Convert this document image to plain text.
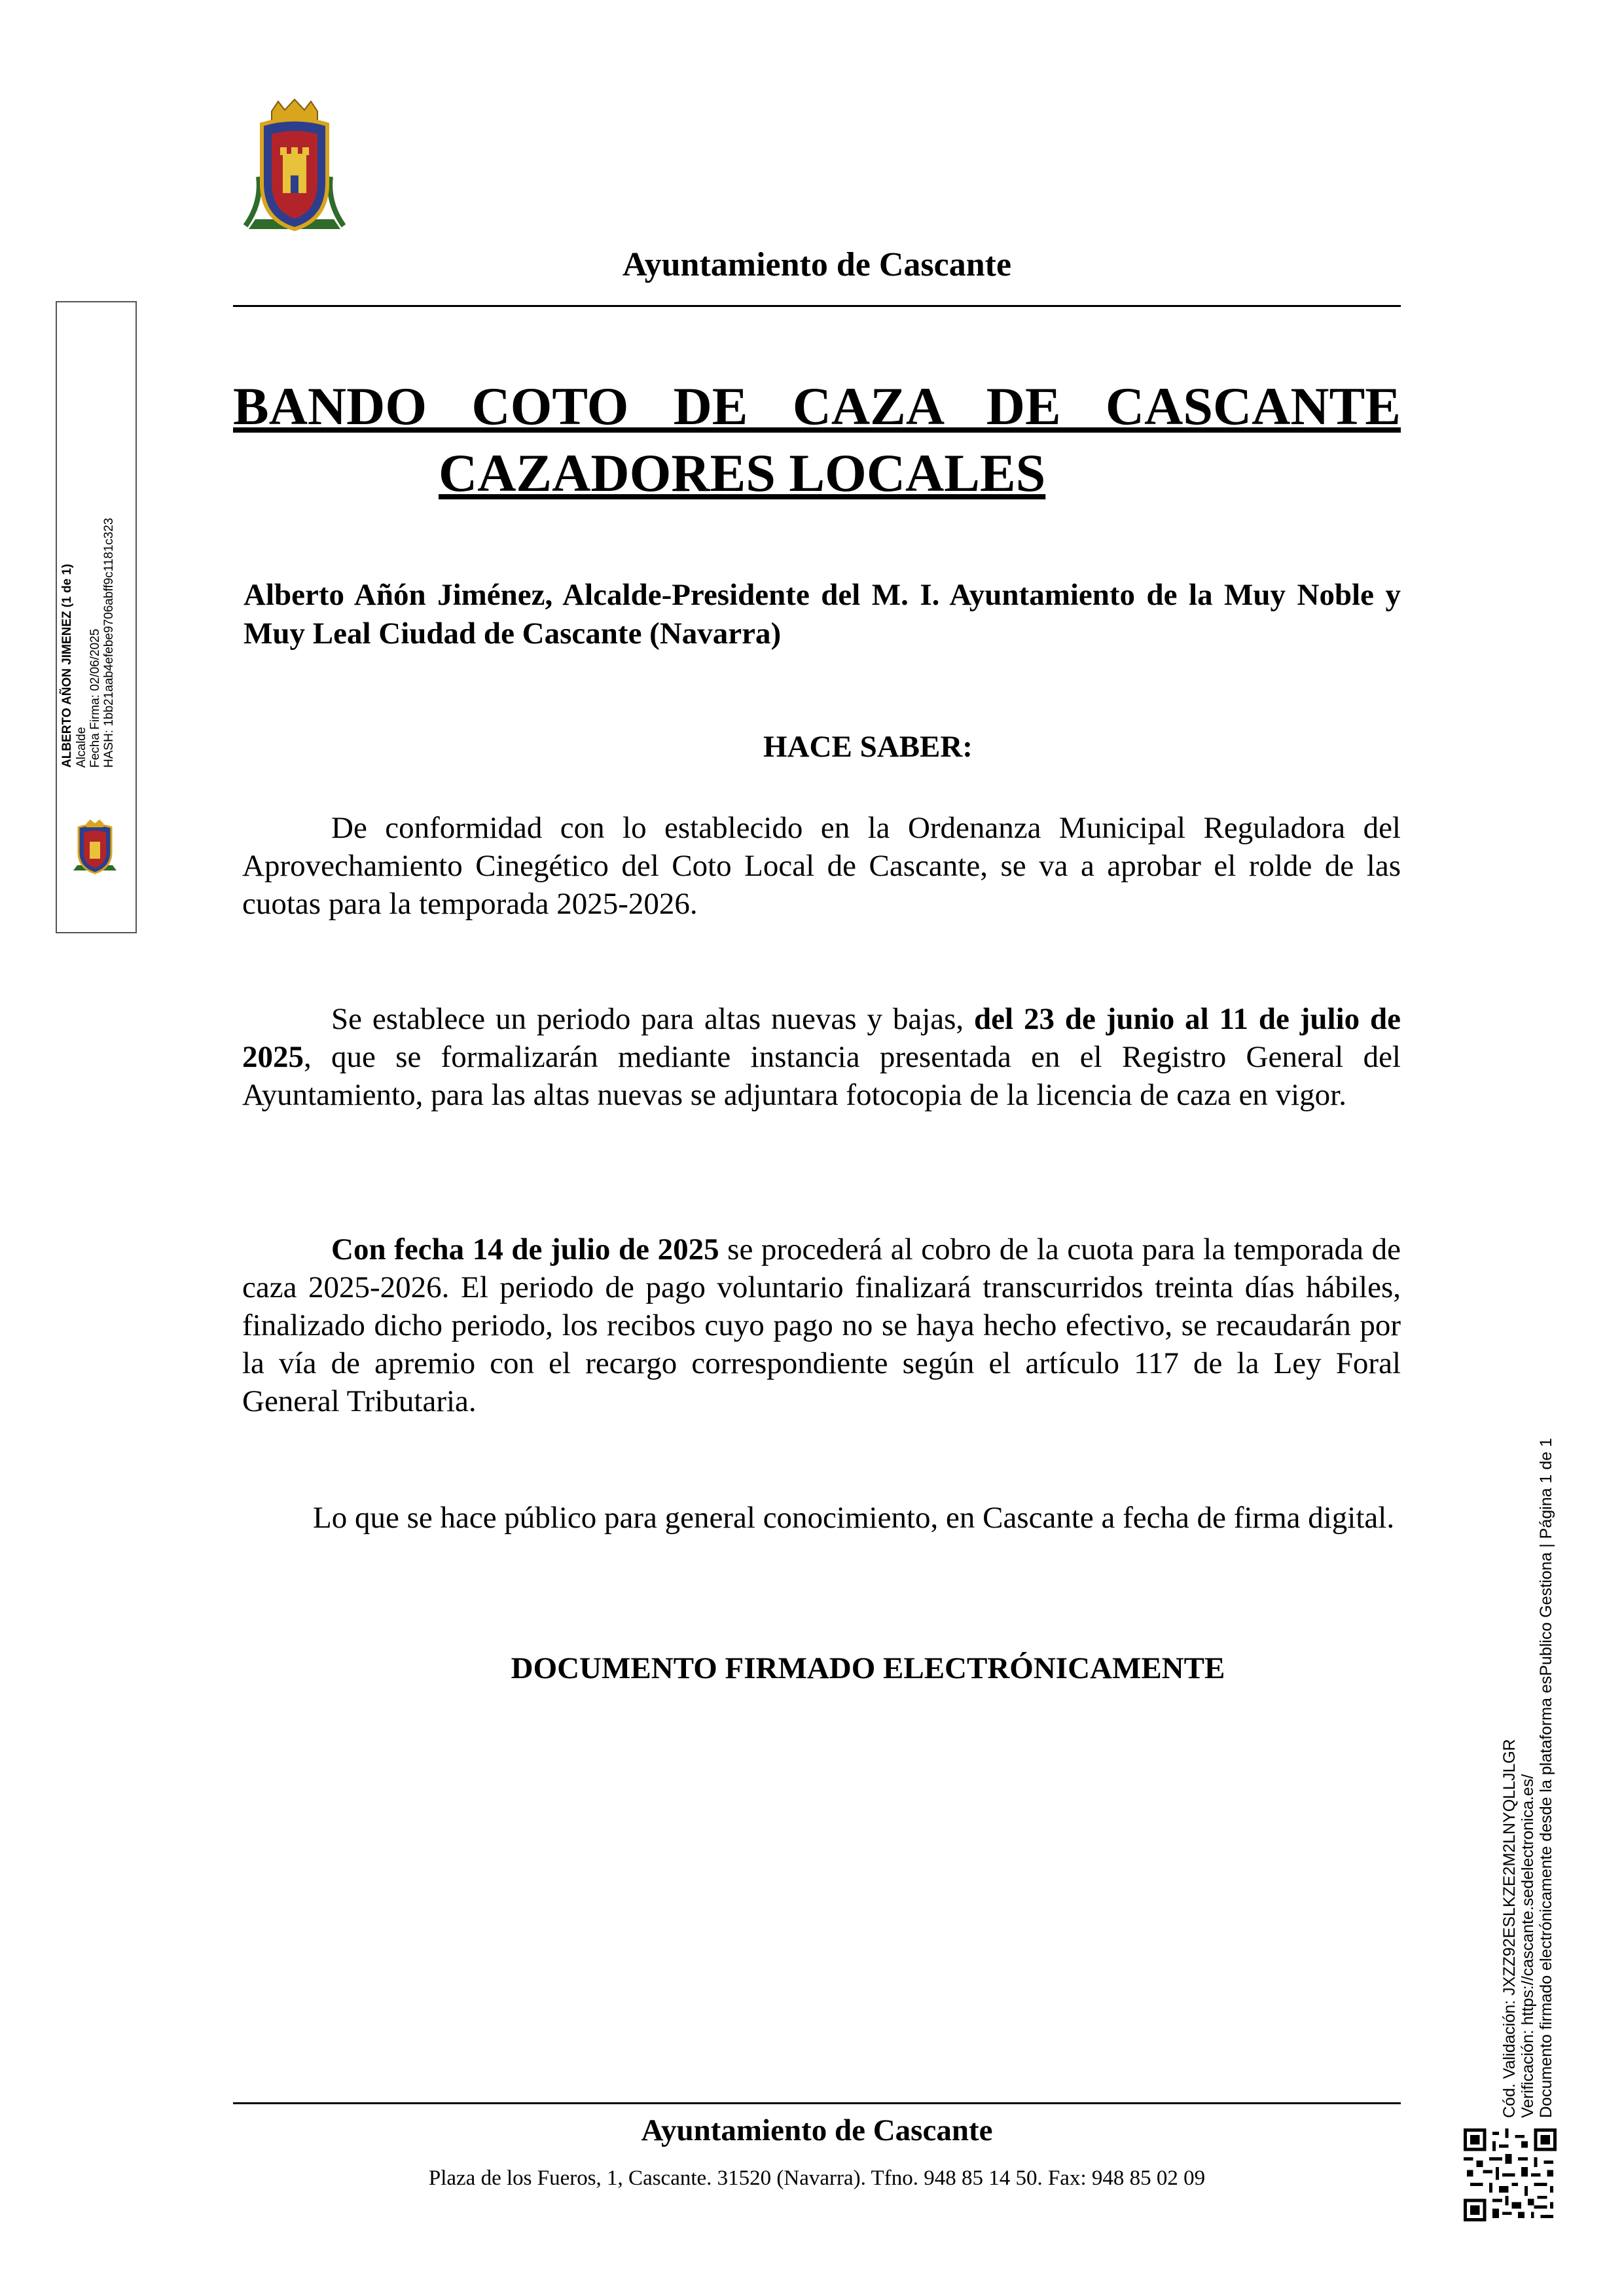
Ayuntamiento de Cascante
BANDO COTO DE CAZA DE CASCANTE
CAZADORES LOCALES
Alberto Añón Jiménez, Alcalde-Presidente del M. I. Ayuntamiento de la Muy Noble y Muy Leal Ciudad de Cascante (Navarra)
HACE SABER:
De conformidad con lo establecido en la Ordenanza Municipal Reguladora del Aprovechamiento Cinegético del Coto Local de Cascante, se va a aprobar el rolde de las cuotas para la temporada 2025-2026.
Se establece un periodo para altas nuevas y bajas, del 23 de junio al 11 de julio de 2025, que se formalizarán mediante instancia presentada en el Registro General del Ayuntamiento, para las altas nuevas se adjuntara fotocopia de la licencia de caza en vigor.
Con fecha 14 de julio de 2025 se procederá al cobro de la cuota para la temporada de caza 2025-2026. El periodo de pago voluntario finalizará transcurridos treinta días hábiles, finalizado dicho periodo, los recibos cuyo pago no se haya hecho efectivo, se recaudarán por la vía de apremio con el recargo correspondiente según el artículo 117 de la Ley Foral General Tributaria.
Lo que se hace público para general conocimiento, en Cascante a fecha de firma digital.
DOCUMENTO FIRMADO ELECTRÓNICAMENTE
Ayuntamiento de Cascante
Plaza de los Fueros, 1, Cascante. 31520 (Navarra). Tfno. 948 85 14 50. Fax: 948 85 02 09
ALBERTO AÑON JIMENEZ (1 de 1) Alcalde Fecha Firma: 02/06/2025 HASH: 1bb21aab4efebe9706abff9c1181c323
Cód. Validación: JXZZ92ESLKZE2M2LNYQLLJLGR Verificación: https://cascante.sedelectronica.es/ Documento firmado electrónicamente desde la plataforma esPublico Gestiona | Página 1 de 1
